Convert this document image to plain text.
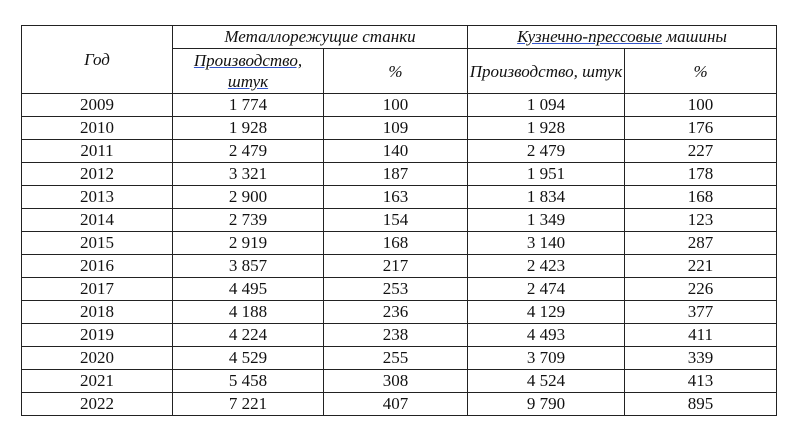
Год	Металлорежущие станки		Кузнечно-прессовые машины	
	Производство, штук	%	Производство, штук	%
2009	1 774	100	1 094	100
2010	1 928	109	1 928	176
2011	2 479	140	2 479	227
2012	3 321	187	1 951	178
2013	2 900	163	1 834	168
2014	2 739	154	1 349	123
2015	2 919	168	3 140	287
2016	3 857	217	2 423	221
2017	4 495	253	2 474	226
2018	4 188	236	4 129	377
2019	4 224	238	4 493	411
2020	4 529	255	3 709	339
2021	5 458	308	4 524	413
2022	7 221	407	9 790	895
